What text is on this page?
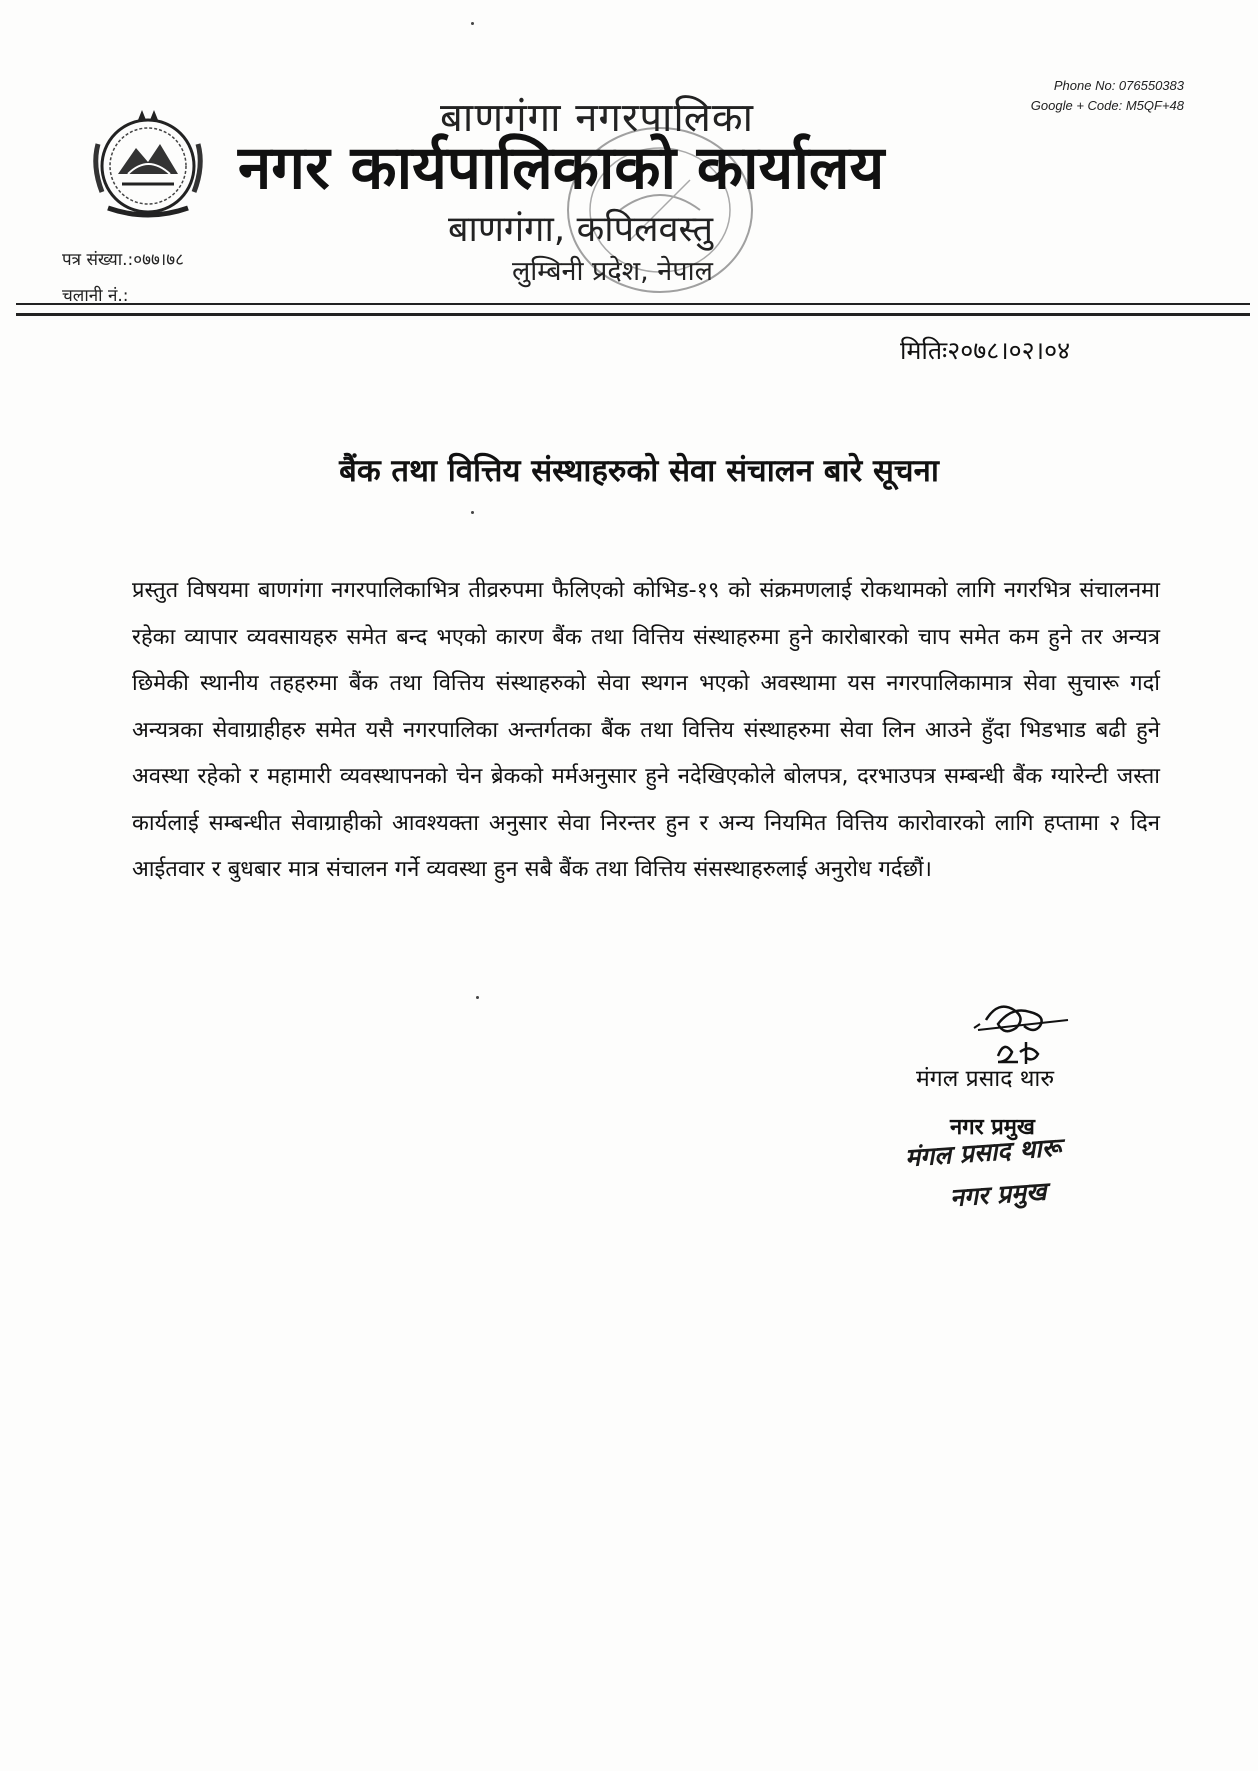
बाणगंगा नगरपालिका
नगर कार्यपालिकाको कार्यालय
बाणगंगा, कपिलवस्तु
लुम्बिनी प्रदेश, नेपाल
Phone No: 076550383
Google + Code: M5QF+48
पत्र संख्या.:०७७।७८
चलानी नं.:
मितिः२०७८।०२।०४
बैंक तथा वित्तिय संस्थाहरुको सेवा संचालन बारे सूचना
प्रस्तुत विषयमा बाणगंगा नगरपालिकाभित्र तीव्ररुपमा फैलिएको कोभिड-१९ को संक्रमणलाई रोकथामको लागि नगरभित्र संचालनमा रहेका व्यापार व्यवसायहरु समेत बन्द भएको कारण बैंक तथा वित्तिय संस्थाहरुमा हुने कारोबारको चाप समेत कम हुने तर अन्यत्र छिमेकी स्थानीय तहहरुमा बैंक तथा वित्तिय संस्थाहरुको सेवा स्थगन भएको अवस्थामा यस नगरपालिकामात्र सेवा सुचारू गर्दा अन्यत्रका सेवाग्राहीहरु समेत यसै नगरपालिका अन्तर्गतका बैंक तथा वित्तिय संस्थाहरुमा सेवा लिन आउने हुँदा भिडभाड बढी हुने अवस्था रहेको र महामारी व्यवस्थापनको चेन ब्रेकको मर्मअनुसार हुने नदेखिएकोले बोलपत्र, दरभाउपत्र सम्बन्धी बैंक ग्यारेन्टी जस्ता कार्यलाई सम्बन्धीत सेवाग्राहीको आवश्यक्ता अनुसार सेवा निरन्तर हुन र अन्य नियमित वित्तिय कारोवारको लागि हप्तामा २ दिन आईतवार र बुधबार मात्र संचालन गर्ने व्यवस्था हुन सबै बैंक तथा वित्तिय संसस्थाहरुलाई अनुरोध गर्दछौं।
मंगल प्रसाद थारु
नगर प्रमुख
मंगल प्रसाद थारू
नगर प्रमुख
